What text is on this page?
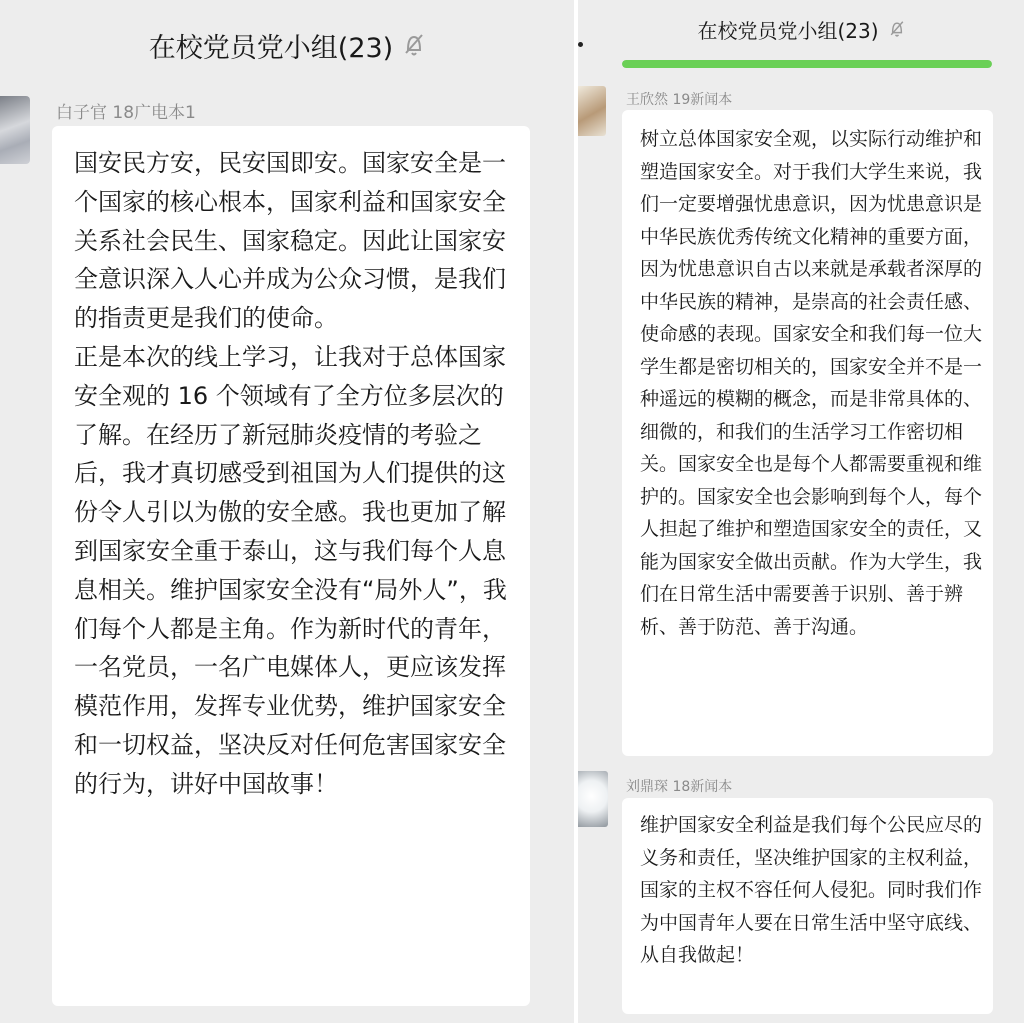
在校党员党小组(23)
白子官 18广电本1

国安民方安，民安国即安。国家安全是一个国家的核心根本，国家利益和国家安全关系社会民生、国家稳定。因此让国家安全意识深入人心并成为公众习惯，是我们的指责更是我们的使命。
正是本次的线上学习，让我对于总体国家安全观的 16 个领域有了全方位多层次的了解。在经历了新冠肺炎疫情的考验之后，我才真切感受到祖国为人们提供的这份令人引以为傲的安全感。我也更加了解到国家安全重于泰山，这与我们每个人息息相关。维护国家安全没有“局外人”，我们每个人都是主角。作为新时代的青年，一名党员，一名广电媒体人，更应该发挥模范作用，发挥专业优势，维护国家安全和一切权益，坚决反对任何危害国家安全的行为，讲好中国故事！

在校党员党小组(23)
王欣然 19新闻本

树立总体国家安全观，以实际行动维护和塑造国家安全。对于我们大学生来说，我们一定要增强忧患意识，因为忧患意识是中华民族优秀传统文化精神的重要方面，因为忧患意识自古以来就是承载者深厚的中华民族的精神，是崇高的社会责任感、使命感的表现。国家安全和我们每一位大学生都是密切相关的，国家安全并不是一种遥远的模糊的概念，而是非常具体的、细微的，和我们的生活学习工作密切相关。国家安全也是每个人都需要重视和维护的。国家安全也会影响到每个人，每个人担起了维护和塑造国家安全的责任，又能为国家安全做出贡献。作为大学生，我们在日常生活中需要善于识别、善于辨析、善于防范、善于沟通。

刘鼎琛 18新闻本

维护国家安全利益是我们每个公民应尽的义务和责任，坚决维护国家的主权利益，国家的主权不容任何人侵犯。同时我们作为中国青年人要在日常生活中坚守底线、从自我做起！
